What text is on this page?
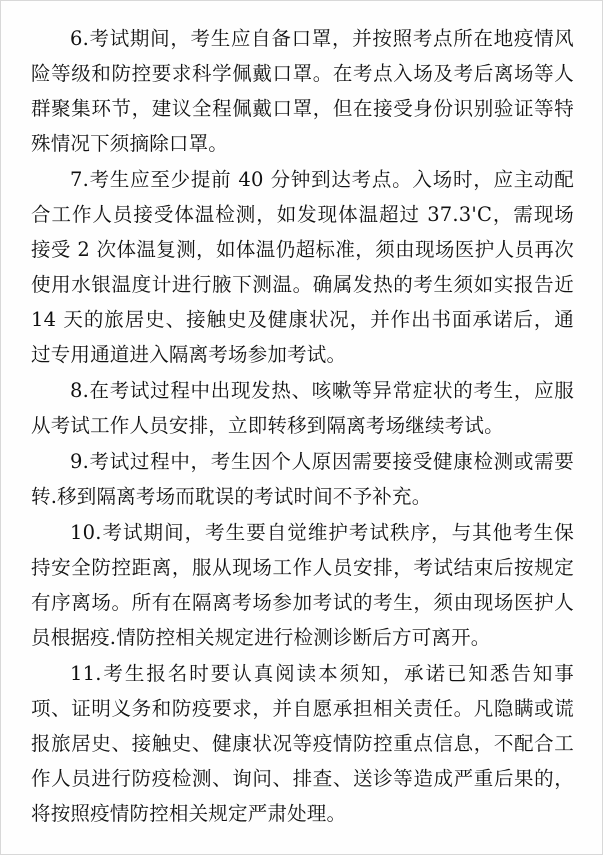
6.考试期间，考生应自备口罩，并按照考点所在地疫情风险等级和防控要求科学佩戴口罩。在考点入场及考后离场等人群聚集环节，建议全程佩戴口罩，但在接受身份识别验证等特殊情况下须摘除口罩。

7.考生应至少提前 40 分钟到达考点。入场时，应主动配合工作人员接受体温检测，如发现体温超过 37.3'C，需现场接受 2 次体温复测，如体温仍超标准，须由现场医护人员再次使用水银温度计进行腋下测温。确属发热的考生须如实报告近14 天的旅居史、接触史及健康状况，并作出书面承诺后，通过专用通道进入隔离考场参加考试。

8.在考试过程中出现发热、咳嗽等异常症状的考生，应服从考试工作人员安排，立即转移到隔离考场继续考试。

9.考试过程中，考生因个人原因需要接受健康检测或需要转.移到隔离考场而耽误的考试时间不予补充。

10.考试期间，考生要自觉维护考试秩序，与其他考生保持安全防控距离，服从现场工作人员安排，考试结束后按规定有序离场。所有在隔离考场参加考试的考生，须由现场医护人员根据疫.情防控相关规定进行检测诊断后方可离开。

11.考生报名时要认真阅读本须知，承诺已知悉告知事项、证明义务和防疫要求，并自愿承担相关责任。凡隐瞒或谎报旅居史、接触史、健康状况等疫情防控重点信息，不配合工作人员进行防疫检测、询问、排查、送诊等造成严重后果的，将按照疫情防控相关规定严肃处理。
